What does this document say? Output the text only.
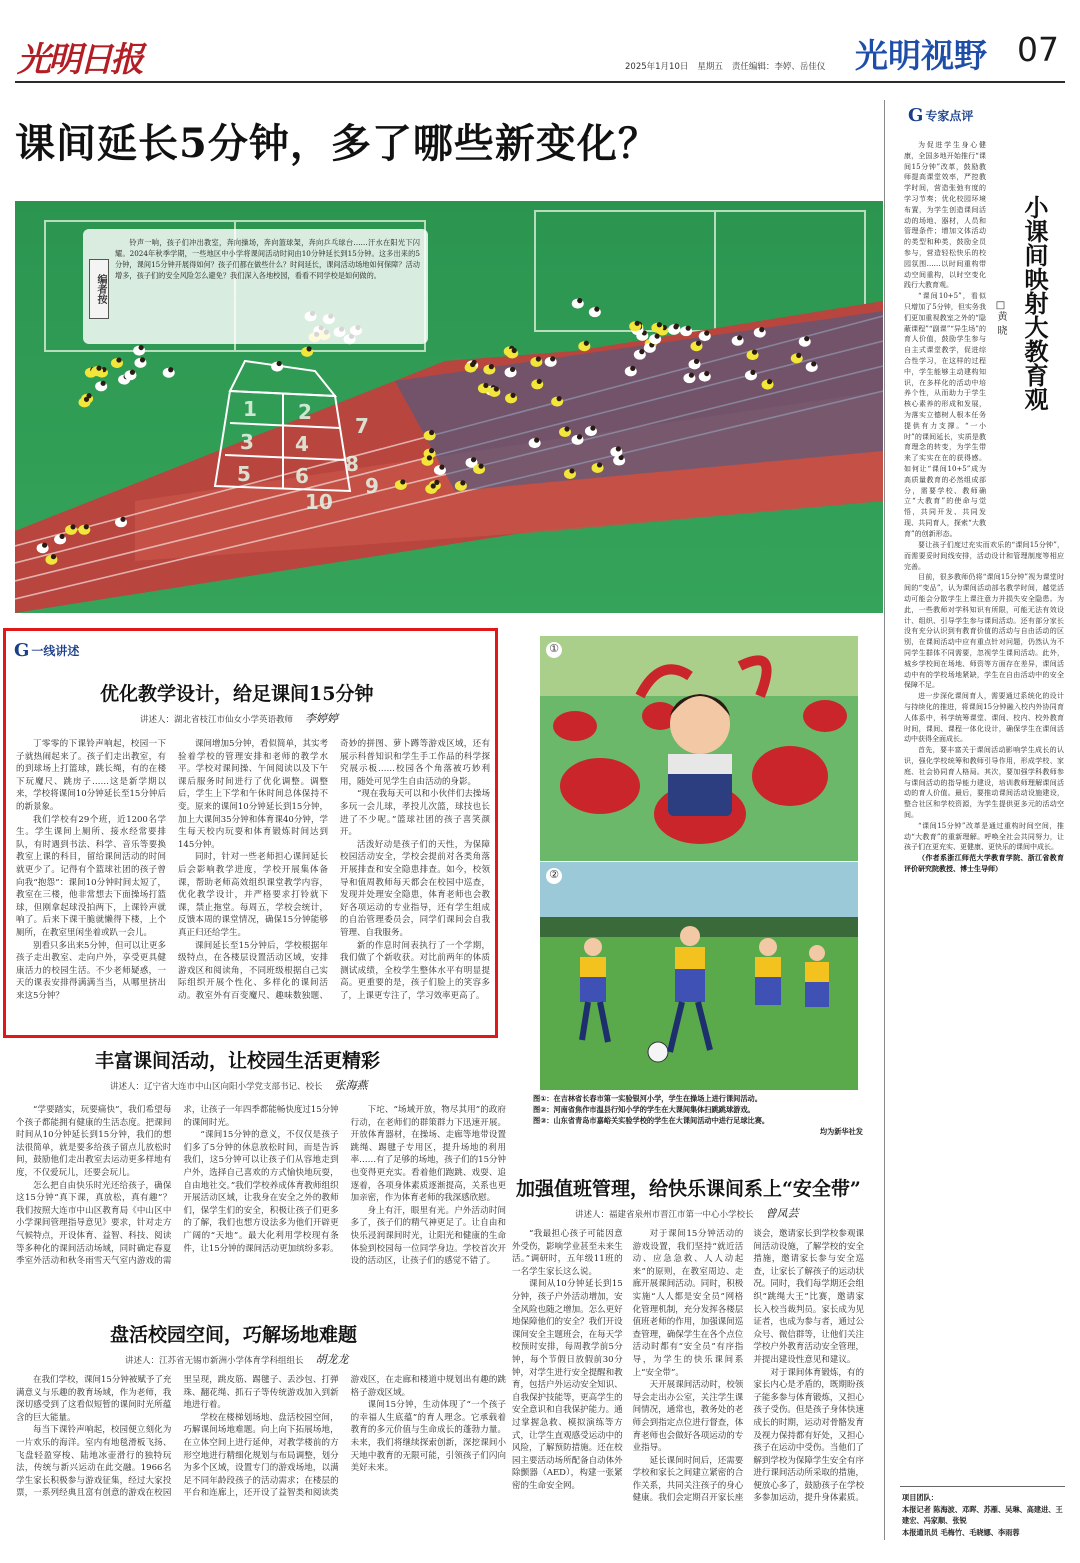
光明日报	2025年1月10日 星期五 责任编辑：李婷、岳佳仪 光明视野 07
课间延长5分钟，多了哪些新变化？
1 2
3 4
5 6
7
8
9
10
编者按
铃声一响，孩子们冲出教室，奔向操场，奔向篮球架，奔向乒乓球台……汗水在阳光下闪耀。2024年秋季学期，一些地区中小学将课间活动时间由10分钟延长到15分钟。这多出来的5分钟，课间15分钟开展得如何？孩子们都在做些什么？时间延长，课间活动场地如何保障？活动增多，孩子们的安全风险怎么避免？我们深入各地校园，看看不同学校是如何做的。
G 一线讲述
优化教学设计，给足课间15分钟
讲述人：湖北省枝江市仙女小学英语教师 李婷婷

丁零零的下课铃声响起，校园一下子就热闹起来了。孩子们走出教室，有的到球场上打篮球，跳长绳，有的在楼下玩魔尺、跳房子……这是新学期以来，学校将课间10分钟延长至15分钟后的新景象。

我们学校有29个班，近1200名学生。学生课间上厕所、接水经常要排队，有时遇到书法、科学、音乐等要换教室上课的科目，留给课间活动的时间就更少了。记得有个篮球社团的孩子曾向我“抱怨”：课间10分钟时间太短了，教室在三楼，他非常想去下面操场打篮球，但刚拿起球没拍两下，上课铃声就响了。后来下课干脆就懒得下楼，上个厕所，在教室里闲坐着或趴一会儿。

别看只多出来5分钟，但可以让更多孩子走出教室、走向户外，享受更具健康活力的校园生活。不少老师疑惑，一天的课表安排得满满当当，从哪里挤出来这5分钟？

课间增加5分钟，看似简单，其实考验着学校的管理安排和老师的教学水平。学校对课间操、午间阅读以及下午课后服务时间进行了优化调整。调整后，学生上下学和午休时间总体保持不变。原来的课间10分钟延长到15分钟，加上大课间35分钟和体育课40分钟，学生每天校内玩耍和体育锻炼时间达到145分钟。

同时，针对一些老师担心课间延长后会影响教学进度，学校开展集体备课，帮助老师高效组织课堂教学内容，优化教学设计，并严格要求打铃就下课，禁止拖堂。每周五，学校会统计，反馈本周的课堂情况，确保15分钟能够真正归还给学生。

课间延长至15分钟后，学校根据年级特点，在各楼层设置活动区域，安排游戏区和阅读角，不同班级根据自己实际组织开展个性化、多样化的课间活动。教室外有百变魔尺、趣味数独题、奇妙的拼图、萝卜蹲等游戏区域，还有展示科普知识和学生手工作品的科学探究展示板……校园各个角落被巧妙利用，随处可见学生自由活动的身影。

“现在我每天可以和小伙伴们去操场多玩一会儿球，孝投儿次篮，球技也长进了不少呢。”篮球社团的孩子喜笑颜开。

活泼好动是孩子们的天性，为保障校园活动安全，学校会提前对各类角落开展排查和安全隐患排查。如今，校领导和值周教师每天都会在校园中巡查，发现并处理安全隐患，体育老师也会教好各项运动的专业指导，还有学生组成的自治管理委员会，同学们课间会自我管理、自我服务。

新的作息时间表执行了一个学期，我们做了个新收获。对比前两年的体质测试成绩，全校学生整体水平有明显提高。更重要的是，孩子们脸上的笑容多了，上课更专注了，学习效率更高了。

①
②
图①：在吉林省长春市第一实验银河小学，学生在操场上进行课间活动。
图②：河南省焦作市温县行知小学的学生在大课间集体扫跳跳球游戏。
图③：山东省青岛市嘉峪关实验学校的学生在大课间活动中进行足球比赛。
均为新华社发
丰富课间活动，让校园生活更精彩
讲述人：辽宁省大连市中山区向阳小学党支部书记、校长 张海燕

“学要踏实，玩要痛快”，我们希望每个孩子都能拥有健康的生活态度。把课间时间从10分钟延长到15分钟，我们的想法很简单，就是要多给孩子留点儿放松时间，鼓励他们走出教室去运动更多样地有度，不仅爱玩儿，还要会玩儿。

怎么把自由快乐时光还给孩子，确保这15分钟“真下课，真放松，真有趣”？我们按照大连市中山区教育局《中山区中小学课间管理指导意见》要求，针对走方气候特点，开设体育、益智、科技、阅读等多种化的课间活动场域，同时确定春夏季室外活动和秋冬雨雪天气室内游戏的需求，让孩子一年四季都能畅快度过15分钟的课间时光。

“课间15分钟的意义，不仅仅是孩子们多了5分钟的休息放松时间，而是告诉我们，这5分钟可以让孩子们从容地走到户外，选择自己喜欢的方式愉快地玩耍，自由地社交。”我们学校养成体育教师组织开展活动区域，让我身在安全之外的教师们，保学生们的安全，积极让孩子们更多的了解，我们也想方设法多为他们开辟更广阔的“天地”。最大化利用学校现有条件，让15分钟的课间活动更加缤纷多彩。

下坨、“场域开放，物尽其用”的政府行动，在老师们的群策群力下迅速开展。开放体育器材，在操场、走廊等地带设置跳绳、踢毽子专用区，提升场地的利用率……有了足够的场地，孩子们的15分钟也变得更充实。看着他们跑跳、戏耍、追逐着，各项身体素质逐渐提高，关系也更加亲密，作为体育老师的我深感欣慰。

身上有汗，眼里有光。户外活动时间多了，孩子们的精气神更足了。让自由和快乐浸润课间时光，让阳光和健康的生命体验到校园每一位同学身边。学校首次开设的活动区，让孩子们的感觉不错了。

盘活校园空间，巧解场地难题
讲述人：江苏省无锡市新洲小学体育学科组组长 胡龙龙

在我们学校，课间15分钟被赋予了充满意义与乐趣的教育场域，作为老师，我深切感受到了这看似短暂的课间时光所蕴含的巨大能量。

每当下课铃声响起，校园便立刻化为一片欢乐的海洋。室内有地毯滑板飞扬、飞盘轻盈穿梭、陆地冰壶滑行的独特玩法，传统与新兴运动在此交融。1966名学生家长积极参与游戏征集，经过大家投票，一系列经典且富有创意的游戏在校园里呈现，跳皮筋、踢毽子、丢沙包、打弹珠、翻花绳、抓石子等传统游戏加入到新地进行着。

学校在楼梯划场地、盘活校园空间，巧解课间场地难题。向上向下拓展场地，在立体空间上进行延伸，对教学楼前的方形空地进行精细化规划与布局调整，划分为多个区域，设置专门的游戏场地，以满足不同年龄段孩子的活动需求；在楼层的平台和连廊上，还开设了益智类和阅读类游戏区，在走廊和楼道中规划出有趣的跳格子游戏区域。

课间15分钟，生动体现了“一个孩子的幸福人生底蕴”的育人理念。它承载着教育的多元价值与生命成长的蓬勃力量。未来，我们将继续探索创新，深挖课间小天地中教育的无限可能，引领孩子们闪向美好未来。

加强值班管理，给快乐课间系上“安全带”
讲述人：福建省泉州市晋江市第一中心小学校长 曾凤芸

“我最担心孩子可能因意外受伤，影响学业甚至未来生活。”调研时，五年级11班的一名学生家长这么说。

课间从10分钟延长到15分钟，孩子户外活动增加，安全风险也随之增加。怎么更好地保障他们的安全？我们开设课间安全主题班会，在每天学校预时安排，每周教学前5分钟，每个节假日放假前30分钟，对学生进行安全提醒和教育，包括户外运动安全知识、自我保护技能等，更高学生的安全意识和自我保护能力。通过掌握急救、模拟演练等方式，让学生直观感受运动中的风险，了解预防措施。还在校园主要活动场所配备自动体外除颤器（AED），构建一张紧密的生命安全网。

对于课间15分钟活动的游戏设置，我们坚持“就近活动、应急急救、人人动起来”的原则，在教室周边、走廊开展课间活动。同时，积极实施“人人都是安全员”网格化管理机制，充分发挥各楼层值班老师的作用，加强课间巡查管理，确保学生在各个点位活动时都有“安全员”有序指导，为学生的快乐课间系上“安全带”。

天开展课间活动时，校领导会走出办公室，关注学生课间情况，通常也，教务处的老师会到指定点位进行督查，体育老师也会做好各项运动的专业指导。

延长课间时间后，还需要学校和家长之间建立紧密的合作关系，共同关注孩子的身心健康。我们会定期召开家长座谈会，邀请家长到学校参观课间活动设施，了解学校的安全措施，邀请家长参与安全巡查，让家长了解孩子的运动状况。同时，我们每学期还会组织“跳绳大王”比赛，邀请家长入校当裁判员。家长成为见证者，也成为参与者，通过公众号、微信群等，让他们关注学校户外教育活动安全管理，并提出建设性意见和建议。

对于课间体育锻炼，有的家长内心是矛盾的，既期盼孩子能多参与体育锻炼，又担心孩子受伤。但是孩子身体快速成长的时期，运动对骨骼发育及视力保持都有好处，又担心孩子在运动中受伤。当他们了解到学校为保障学生安全有序进行课间活动所采取的措施，便放心多了，鼓励孩子在学校多参加运动，提升身体素质。

G 专家点评
小课间映射大教育观
□黄晓

为促进学生身心健康，全国多地开始推行“课间15分钟”改革，鼓励教师提高课堂效率，严控教学时间，营造张弛有度的学习节奏；优化校园环境布置，为学生创造课间活动的场地、器材，人员和管理条件；增加文体活动的类型和种类，鼓励全员参与，营造轻松快乐的校园氛围……以时间重构带动空间重构，以时空变化践行大教育观。

“课间10+5”，看似只增加了5分钟，但实务我们更加重视教室之外的“隐蔽课程”“副课”“异生场”的育人价值，鼓励学生参与自主式课堂教学，促进综合性学习，在这样的过程中，学生能够主动建构知识，在多样化的活动中培养个性，从而助力于学生核心素养的形成和发展，为落实立德树人根本任务提供有力支撑。“一小时”的课间延长，实质是教育理念的转变，为学生带来了实实在在的获得感。如何让“课间10+5”成为高质量教育的必然组成部分，需要学校、教师确立“大教育”的使命与觉悟，共同开发、共同发现、共同育人，探索“大教育”的创新形态。

要让孩子们度过充实而欢乐的“课间15分钟”，而需要妥时间线安排，活动设计和管理制度等相应完善。

目前，很多教师仍将“课间15分钟”视为课堂时间的“变品”，认为课间活动部名教学时间，越觉活动可能会分散学生上课注意力并损失安全隐患。为此，一些教师对学科知识有所限，可能无法有效设计、组织、引导学生参与课间活动。还有部分家长没有充分认识到有教育价值的活动与自由活动的区别，在课间活动中应有重点针对问题，仍然认为不同学生群体不同需要，忽视学生课间活动。此外，城乡学校间在场地、师资等方面存在差异，课间活动中有的学校场地紧缺，学生在自由活动中的安全保障不足。

进一步深化课间育人，需要通过系统化的设计与持续化的推进，将课间15分钟融入校内外协同育人体系中，科学统筹课堂、课间、校内、校外教育时间，课间、课程一体化设计，确保学生在课间活动中获得全面成长。

首先，要丰富关于课间活动影响学生成长的认识，强化学校统筹和教师引导作用，形成学校、家庭、社会协同育人格局。其次，要加强学科教师参与课间活动的指导能力建设，培训教师理解课间活动的育人价值。最后，要推动课间活动设施建设，整合社区和学校资源，为学生提供更多元的活动空间。

“课间15分钟”改革是通过重构时间空间，推动“大教育”的重新理解。呼唤全社会共同努力，让孩子们在更充实、更健康、更快乐的课间中成长。

（作者系浙江师范大学教育学院、浙江省教育评价研究院教授、博士生导师）

项目团队：
本报记者 陈海波、邓晖、苏雁、吴琳、高建进、王建宏、冯家顺、张锐
本报通讯员 毛梅竹、毛晓娜、李雨蓉
